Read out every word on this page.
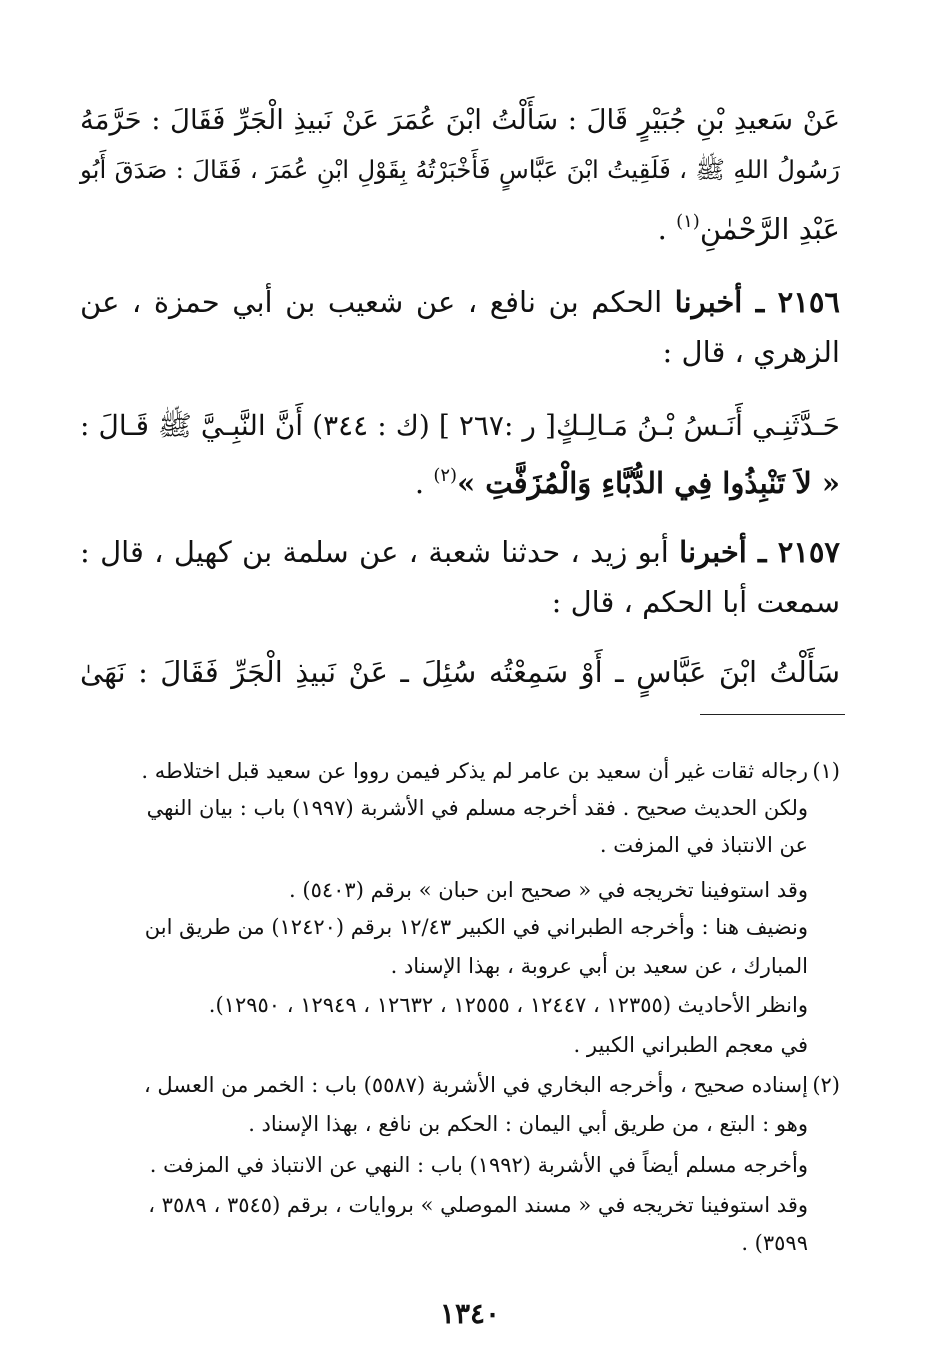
عَنْ سَعيدِ بْنِ جُبَيْرٍ قَالَ : سَأَلْتُ ابْنَ عُمَرَ عَنْ نَبيذِ الْجَرِّ فَقَالَ : حَرَّمَهُ
رَسُولُ اللهِ ﷺ ، فَلَقِيتُ ابْنَ عَبَّاسٍ فَأَخْبَرْتُهُ بِقَوْلِ ابْنِ عُمَرَ ، فَقَالَ : صَدَقَ أَبُو
عَبْدِ الرَّحْمٰنِ$^{(١)}$ .
٢١٥٦ ـ أخبرنا الحكم بن نافع ، عن شعيب بن أبي حمزة ، عن
الزهري ، قال :
حَـدَّثَنِـي أَنَـسُ بْـنُ مَـالِـكٍ[ ر :٢٦٧ ] (ك : ٣٤٤) أَنَّ النَّبِـيَّ ﷺ قَـالَ :
« لاَ تَنْبِذُوا فِي الدُّبَّاءِ وَالْمُزَفَّتِ »$^{(٢)}$ .
٢١٥٧ ـ أخبرنا أبو زيد ، حدثنا شعبة ، عن سلمة بن كهيل ، قال :
سمعت أبا الحكم ، قال :
سَأَلْتُ ابْنَ عَبَّاسٍ ـ أَوْ سَمِعْتُه سُئِلَ ـ عَنْ نَبيذِ الْجَرِّ فَقَالَ : نَهَىٰ
(١)
رجاله ثقات غير أن سعيد بن عامر لم يذكر فيمن رووا عن سعيد قبل اختلاطه .
ولكن الحديث صحيح . فقد أخرجه مسلم في الأشربة (١٩٩٧) باب : بيان النهي
عن الانتباذ في المزفت .
وقد استوفينا تخريجه في « صحيح ابن حبان » برقم (٥٤٠٣) .
ونضيف هنا : وأخرجه الطبراني في الكبير ١٢/٤٣ برقم (١٢٤٢٠) من طريق ابن
المبارك ، عن سعيد بن أبي عروبة ، بهذا الإسناد .
وانظر الأحاديث (١٢٣٥٥ ، ١٢٤٤٧ ، ١٢٥٥٥ ، ١٢٦٣٢ ، ١٢٩٤٩ ، ١٢٩٥٠).
في معجم الطبراني الكبير .
(٢)
إسناده صحيح ، وأخرجه البخاري في الأشربة (٥٥٨٧) باب : الخمر من العسل ،
وهو : البتع ، من طريق أبي اليمان : الحكم بن نافع ، بهذا الإسناد .
وأخرجه مسلم أيضاً في الأشربة (١٩٩٢) باب : النهي عن الانتباذ في المزفت .
وقد استوفينا تخريجه في « مسند الموصلي » بروايات ، برقم (٣٥٤٥ ، ٣٥٨٩ ،
٣٥٩٩) .
١٣٤٠
